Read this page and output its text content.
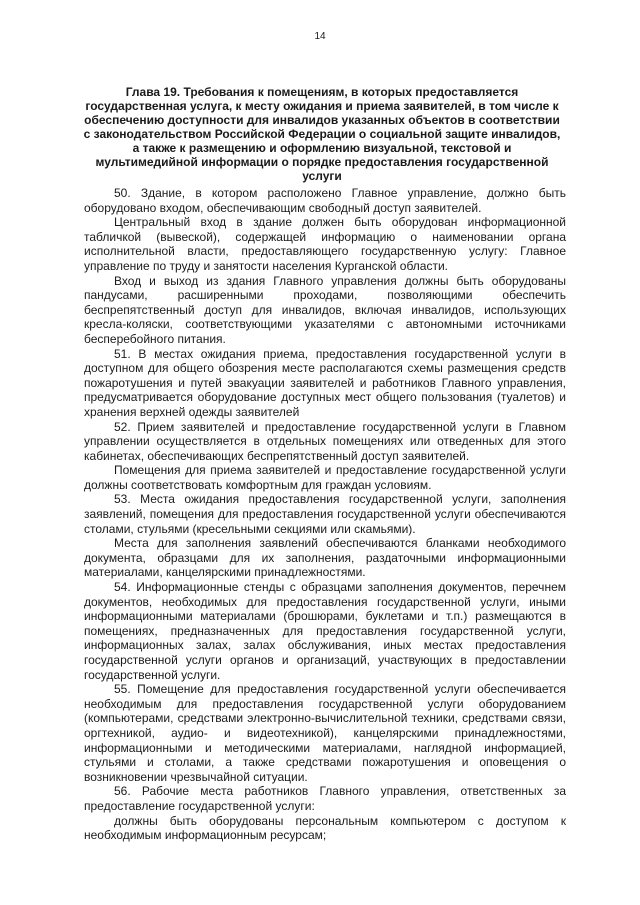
14
Глава 19. Требования к помещениям, в которых предоставляется государственная услуга, к месту ожидания и приема заявителей, в том числе к обеспечению доступности для инвалидов указанных объектов в соответствии с законодательством Российской Федерации о социальной защите инвалидов, а также к размещению и оформлению визуальной, текстовой и мультимедийной информации о порядке предоставления государственной услуги

50. Здание, в котором расположено Главное управление, должно быть оборудовано входом, обеспечивающим свободный доступ заявителей.

Центральный вход в здание должен быть оборудован информационной табличкой (вывеской), содержащей информацию о наименовании органа исполнительной власти, предоставляющего государственную услугу: Главное управление по труду и занятости населения Курганской области.

Вход и выход из здания Главного управления должны быть оборудованы пандусами, расширенными проходами, позволяющими обеспечить беспрепятственный доступ для инвалидов, включая инвалидов, использующих кресла-коляски, соответствующими указателями с автономными источниками бесперебойного питания.

51. В местах ожидания приема, предоставления государственной услуги в доступном для общего обозрения месте располагаются схемы размещения средств пожаротушения и путей эвакуации заявителей и работников Главного управления, предусматривается оборудование доступных мест общего пользования (туалетов) и хранения верхней одежды заявителей

52. Прием заявителей и предоставление государственной услуги в Главном управлении осуществляется в отдельных помещениях или отведенных для этого кабинетах, обеспечивающих беспрепятственный доступ заявителей.

Помещения для приема заявителей и предоставление государственной услуги должны соответствовать комфортным для граждан условиям.

53. Места ожидания предоставления государственной услуги, заполнения заявлений, помещения для предоставления государственной услуги обеспечиваются столами, стульями (кресельными секциями или скамьями).

Места для заполнения заявлений обеспечиваются бланками необходимого документа, образцами для их заполнения, раздаточными информационными материалами, канцелярскими принадлежностями.

54. Информационные стенды с образцами заполнения документов, перечнем документов, необходимых для предоставления государственной услуги, иными информационными материалами (брошюрами, буклетами и т.п.) размещаются в помещениях, предназначенных для предоставления государственной услуги, информационных залах, залах обслуживания, иных местах предоставления государственной услуги органов и организаций, участвующих в предоставлении государственной услуги.

55. Помещение для предоставления государственной услуги обеспечивается необходимым для предоставления государственной услуги оборудованием (компьютерами, средствами электронно-вычислительной техники, средствами связи, оргтехникой, аудио- и видеотехникой), канцелярскими принадлежностями, информационными и методическими материалами, наглядной информацией, стульями и столами, а также средствами пожаротушения и оповещения о возникновении чрезвычайной ситуации.

56. Рабочие места работников Главного управления, ответственных за предоставление государственной услуги:

должны быть оборудованы персональным компьютером с доступом к необходимым информационным ресурсам;
